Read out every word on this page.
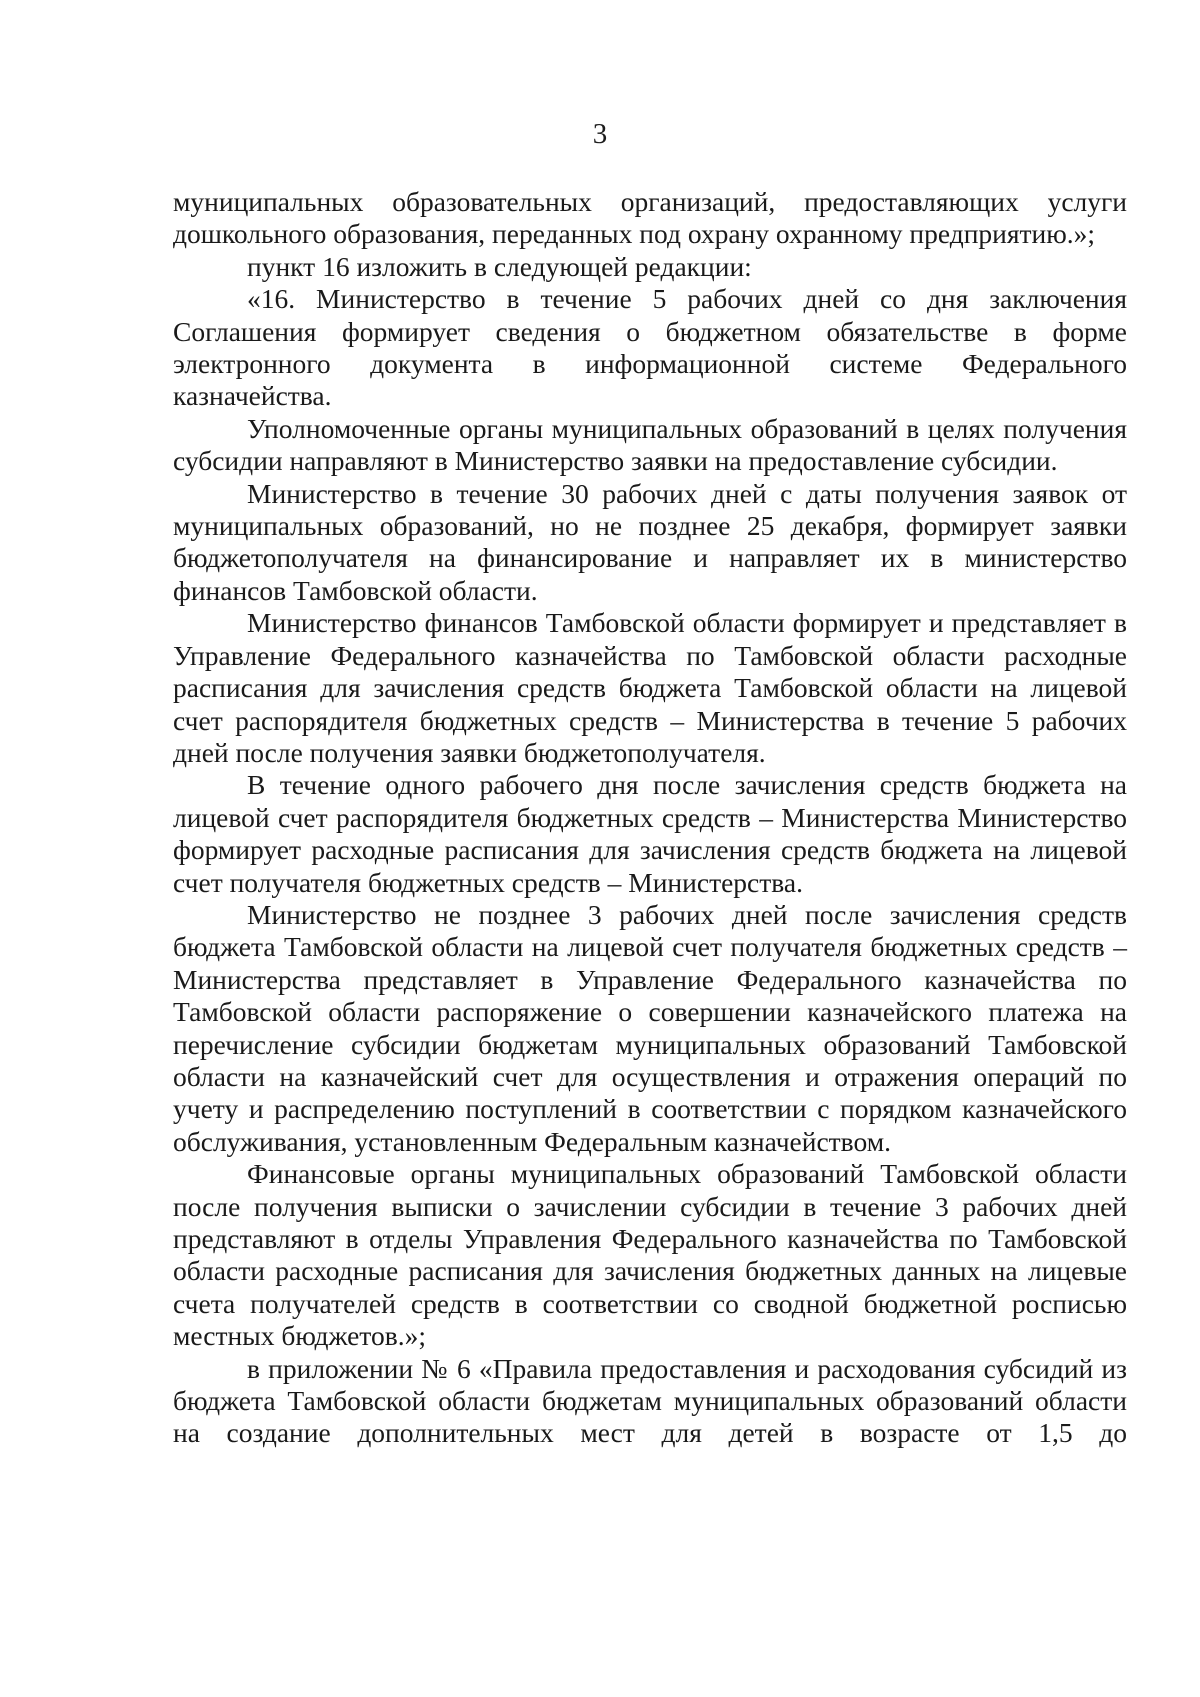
3

муниципальных образовательных организаций, предоставляющих услуги дошкольного образования, переданных под охрану охранному предприятию.»;

пункт 16 изложить в следующей редакции:

«16. Министерство в течение 5 рабочих дней со дня заключения Соглашения формирует сведения о бюджетном обязательстве в форме электронного документа в информационной системе Федерального казначейства.

Уполномоченные органы муниципальных образований в целях получения субсидии направляют в Министерство заявки на предоставление субсидии.

Министерство в течение 30 рабочих дней с даты получения заявок от муниципальных образований, но не позднее 25 декабря, формирует заявки бюджетополучателя на финансирование и направляет их в министерство финансов Тамбовской области.

Министерство финансов Тамбовской области формирует и представляет в Управление Федерального казначейства по Тамбовской области расходные расписания для зачисления средств бюджета Тамбовской области на лицевой счет распорядителя бюджетных средств – Министерства в течение 5 рабочих дней после получения заявки бюджетополучателя.

В течение одного рабочего дня после зачисления средств бюджета на лицевой счет распорядителя бюджетных средств – Министерства Министерство формирует расходные расписания для зачисления средств бюджета на лицевой счет получателя бюджетных средств – Министерства.

Министерство не позднее 3 рабочих дней после зачисления средств бюджета Тамбовской области на лицевой счет получателя бюджетных средств – Министерства представляет в Управление Федерального казначейства по Тамбовской области распоряжение о совершении казначейского платежа на перечисление субсидии бюджетам муниципальных образований Тамбовской области на казначейский счет для осуществления и отражения операций по учету и распределению поступлений в соответствии с порядком казначейского обслуживания, установленным Федеральным казначейством.

Финансовые органы муниципальных образований Тамбовской области после получения выписки о зачислении субсидии в течение 3 рабочих дней представляют в отделы Управления Федерального казначейства по Тамбовской области расходные расписания для зачисления бюджетных данных на лицевые счета получателей средств в соответствии со сводной бюджетной росписью местных бюджетов.»;

в приложении № 6 «Правила предоставления и расходования субсидий из бюджета Тамбовской области бюджетам муниципальных образований области на создание дополнительных мест для детей в возрасте от 1,5 до
